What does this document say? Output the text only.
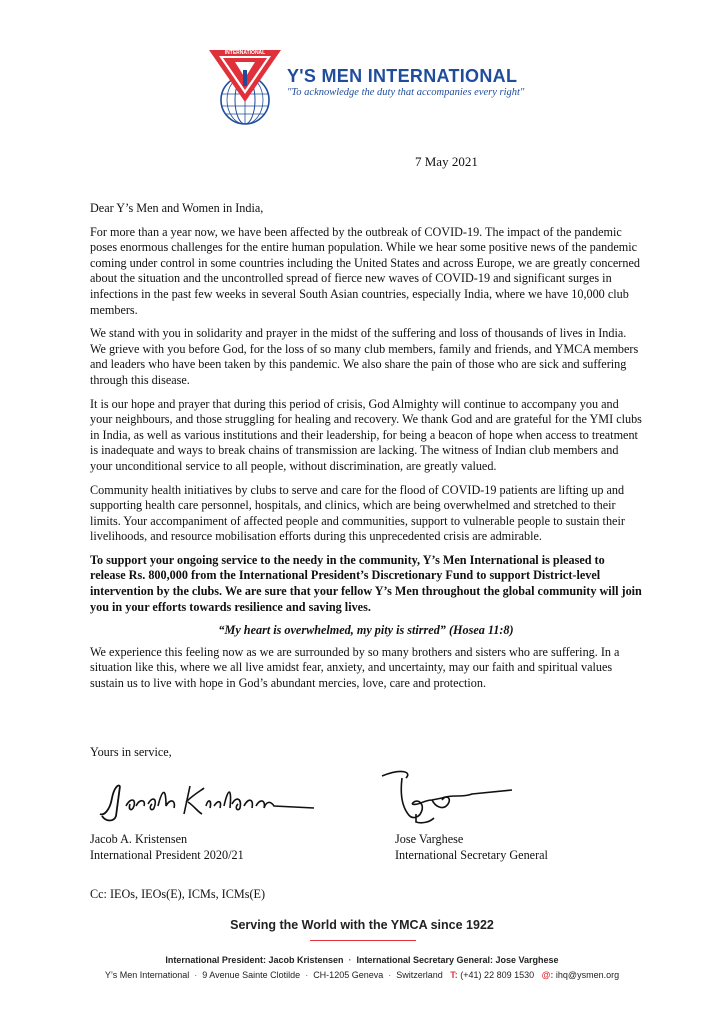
INTERNATIONAL
Y'S MEN INTERNATIONAL
"To acknowledge the duty that accompanies every right"
7 May 2021

Dear Y’s Men and Women in India,

For more than a year now, we have been affected by the outbreak of COVID-19. The impact of the pandemic poses enormous challenges for the entire human population. While we hear some positive news of the pandemic coming under control in some countries including the United States and across Europe, we are greatly concerned about the situation and the uncontrolled spread of fierce new waves of COVID-19 and significant surges in infections in the past few weeks in several South Asian countries, especially India, where we have 10,000 club members.

We stand with you in solidarity and prayer in the midst of the suffering and loss of thousands of lives in India. We grieve with you before God, for the loss of so many club members, family and friends, and YMCA members and leaders who have been taken by this pandemic. We also share the pain of those who are sick and suffering through this disease.

It is our hope and prayer that during this period of crisis, God Almighty will continue to accompany you and your neighbours, and those struggling for healing and recovery. We thank God and are grateful for the YMI clubs in India, as well as various institutions and their leadership, for being a beacon of hope when access to treatment is inadequate and ways to break chains of transmission are lacking. The witness of Indian club members and your unconditional service to all people, without discrimination, are greatly valued.

Community health initiatives by clubs to serve and care for the flood of COVID-19 patients are lifting up and supporting health care personnel, hospitals, and clinics, which are being overwhelmed and stretched to their limits. Your accompaniment of affected people and communities, support to vulnerable people to sustain their livelihoods, and resource mobilisation efforts during this unprecedented crisis are admirable.

To support your ongoing service to the needy in the community, Y’s Men International is pleased to release Rs. 800,000 from the International President’s Discretionary Fund to support District-level intervention by the clubs. We are sure that your fellow Y’s Men throughout the global community will join you in your efforts towards resilience and saving lives.

“My heart is overwhelmed, my pity is stirred” (Hosea 11:8)

We experience this feeling now as we are surrounded by so many brothers and sisters who are suffering. In a situation like this, where we all live amidst fear, anxiety, and uncertainty, may our faith and spiritual values sustain us to live with hope in God’s abundant mercies, love, care and protection.

Yours in service,
Jacob A. Kristensen
International President 2020/21
Jose Varghese
International Secretary General
Cc: IEOs, IEOs(E), ICMs, ICMs(E)
Serving the World with the YMCA since 1922
International President: Jacob Kristensen · International Secretary General: Jose Varghese
Y’s Men International · 9 Avenue Sainte Clotilde · CH-1205 Geneva · Switzerland T: (+41) 22 809 1530 @: ihq@ysmen.org
